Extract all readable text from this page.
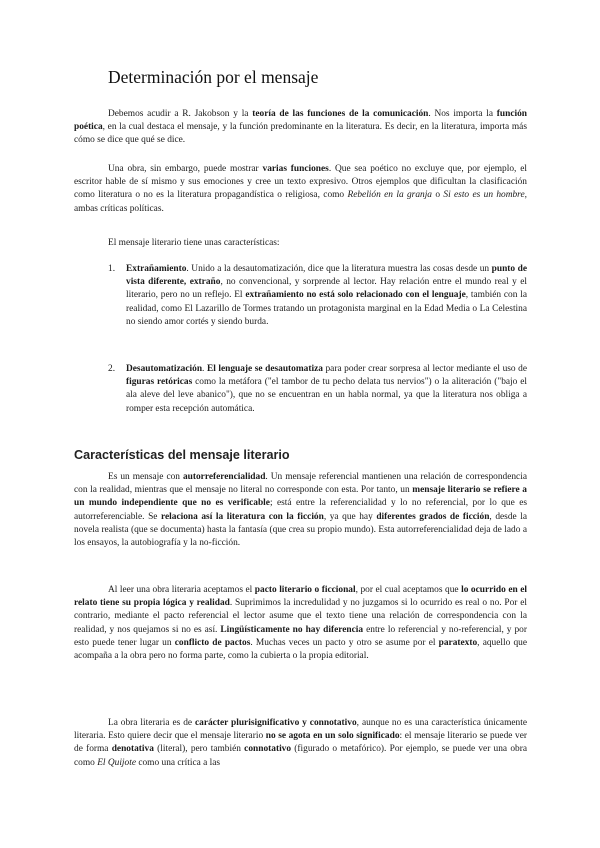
Determinación por el mensaje

Debemos acudir a R. Jakobson y la teoría de las funciones de la comunicación. Nos importa la función poética, en la cual destaca el mensaje, y la función predominante en la literatura. Es decir, en la literatura, importa más cómo se dice que qué se dice.

Una obra, sin embargo, puede mostrar varias funciones. Que sea poético no excluye que, por ejemplo, el escritor hable de sí mismo y sus emociones y cree un texto expresivo. Otros ejemplos que dificultan la clasificación como literatura o no es la literatura propagandística o religiosa, como Rebelión en la granja o Si esto es un hombre, ambas críticas políticas.

El mensaje literario tiene unas características:

1. Extrañamiento. Unido a la desautomatización, dice que la literatura muestra las cosas desde un punto de vista diferente, extraño, no convencional, y sorprende al lector. Hay relación entre el mundo real y el literario, pero no un reflejo. El extrañamiento no está solo relacionado con el lenguaje, también con la realidad, como El Lazarillo de Tormes tratando un protagonista marginal en la Edad Media o La Celestina no siendo amor cortés y siendo burda.
2. Desautomatización. El lenguaje se desautomatiza para poder crear sorpresa al lector mediante el uso de figuras retóricas como la metáfora ("el tambor de tu pecho delata tus nervios") o la aliteración ("bajo el ala aleve del leve abanico"), que no se encuentran en un habla normal, ya que la literatura nos obliga a romper esta recepción automática.
Características del mensaje literario

Es un mensaje con autorreferencialidad. Un mensaje referencial mantienen una relación de correspondencia con la realidad, mientras que el mensaje no literal no corresponde con esta. Por tanto, un mensaje literario se refiere a un mundo independiente que no es verificable; está entre la referencialidad y lo no referencial, por lo que es autorreferenciable. Se relaciona así la literatura con la ficción, ya que hay diferentes grados de ficción, desde la novela realista (que se documenta) hasta la fantasía (que crea su propio mundo). Esta autorreferencialidad deja de lado a los ensayos, la autobiografía y la no-ficción.

Al leer una obra literaria aceptamos el pacto literario o ficcional, por el cual aceptamos que lo ocurrido en el relato tiene su propia lógica y realidad. Suprimimos la incredulidad y no juzgamos si lo ocurrido es real o no. Por el contrario, mediante el pacto referencial el lector asume que el texto tiene una relación de correspondencia con la realidad, y nos quejamos si no es así. Lingüísticamente no hay diferencia entre lo referencial y no-referencial, y por esto puede tener lugar un conflicto de pactos. Muchas veces un pacto y otro se asume por el paratexto, aquello que acompaña a la obra pero no forma parte, como la cubierta o la propia editorial.

La obra literaria es de carácter plurisignificativo y connotativo, aunque no es una característica únicamente literaria. Esto quiere decir que el mensaje literario no se agota en un solo significado: el mensaje literario se puede ver de forma denotativa (literal), pero también connotativo (figurado o metafórico). Por ejemplo, se puede ver una obra como El Quijote como una crítica a las
